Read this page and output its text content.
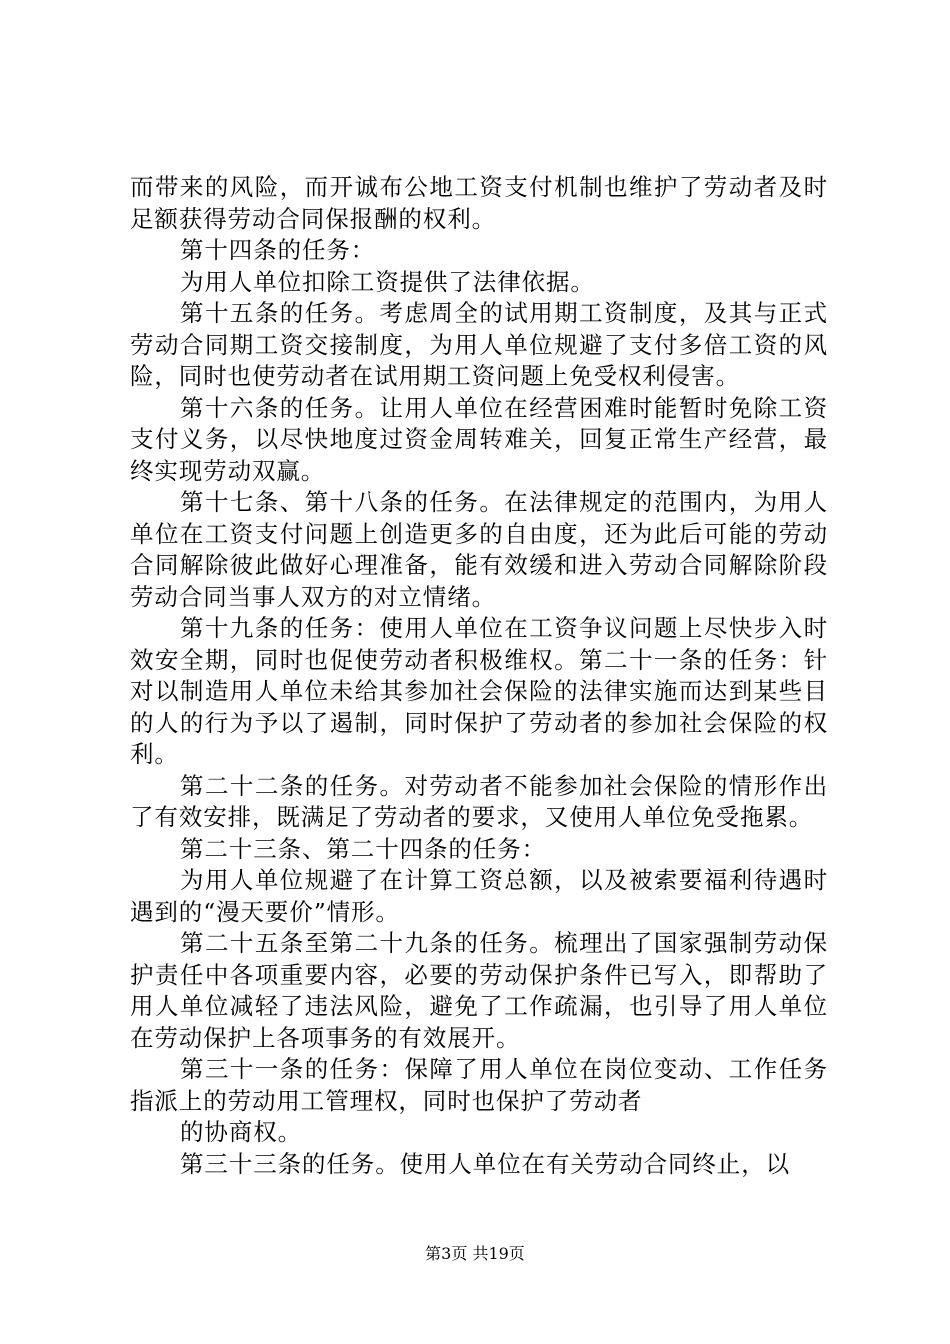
而带来的风险，而开诚布公地工资支付机制也维护了劳动者及时足额获得劳动合同保报酬的权利。

第十四条的任务：

为用人单位扣除工资提供了法律依据。

第十五条的任务。考虑周全的试用期工资制度，及其与正式劳动合同期工资交接制度，为用人单位规避了支付多倍工资的风险，同时也使劳动者在试用期工资问题上免受权利侵害。

第十六条的任务。让用人单位在经营困难时能暂时免除工资支付义务，以尽快地度过资金周转难关，回复正常生产经营，最终实现劳动双赢。

第十七条、第十八条的任务。在法律规定的范围内，为用人单位在工资支付问题上创造更多的自由度，还为此后可能的劳动合同解除彼此做好心理准备，能有效缓和进入劳动合同解除阶段劳动合同当事人双方的对立情绪。

第十九条的任务：使用人单位在工资争议问题上尽快步入时效安全期，同时也促使劳动者积极维权。第二十一条的任务：针对以制造用人单位未给其参加社会保险的法律实施而达到某些目的人的行为予以了遏制，同时保护了劳动者的参加社会保险的权利。

第二十二条的任务。对劳动者不能参加社会保险的情形作出了有效安排，既满足了劳动者的要求，又使用人单位免受拖累。

第二十三条、第二十四条的任务：

为用人单位规避了在计算工资总额，以及被索要福利待遇时遇到的“漫天要价”情形。

第二十五条至第二十九条的任务。梳理出了国家强制劳动保护责任中各项重要内容，必要的劳动保护条件已写入，即帮助了用人单位减轻了违法风险，避免了工作疏漏，也引导了用人单位在劳动保护上各项事务的有效展开。

第三十一条的任务：保障了用人单位在岗位变动、工作任务指派上的劳动用工管理权，同时也保护了劳动者

的协商权。

第三十三条的任务。使用人单位在有关劳动合同终止，以

第3页 共19页
